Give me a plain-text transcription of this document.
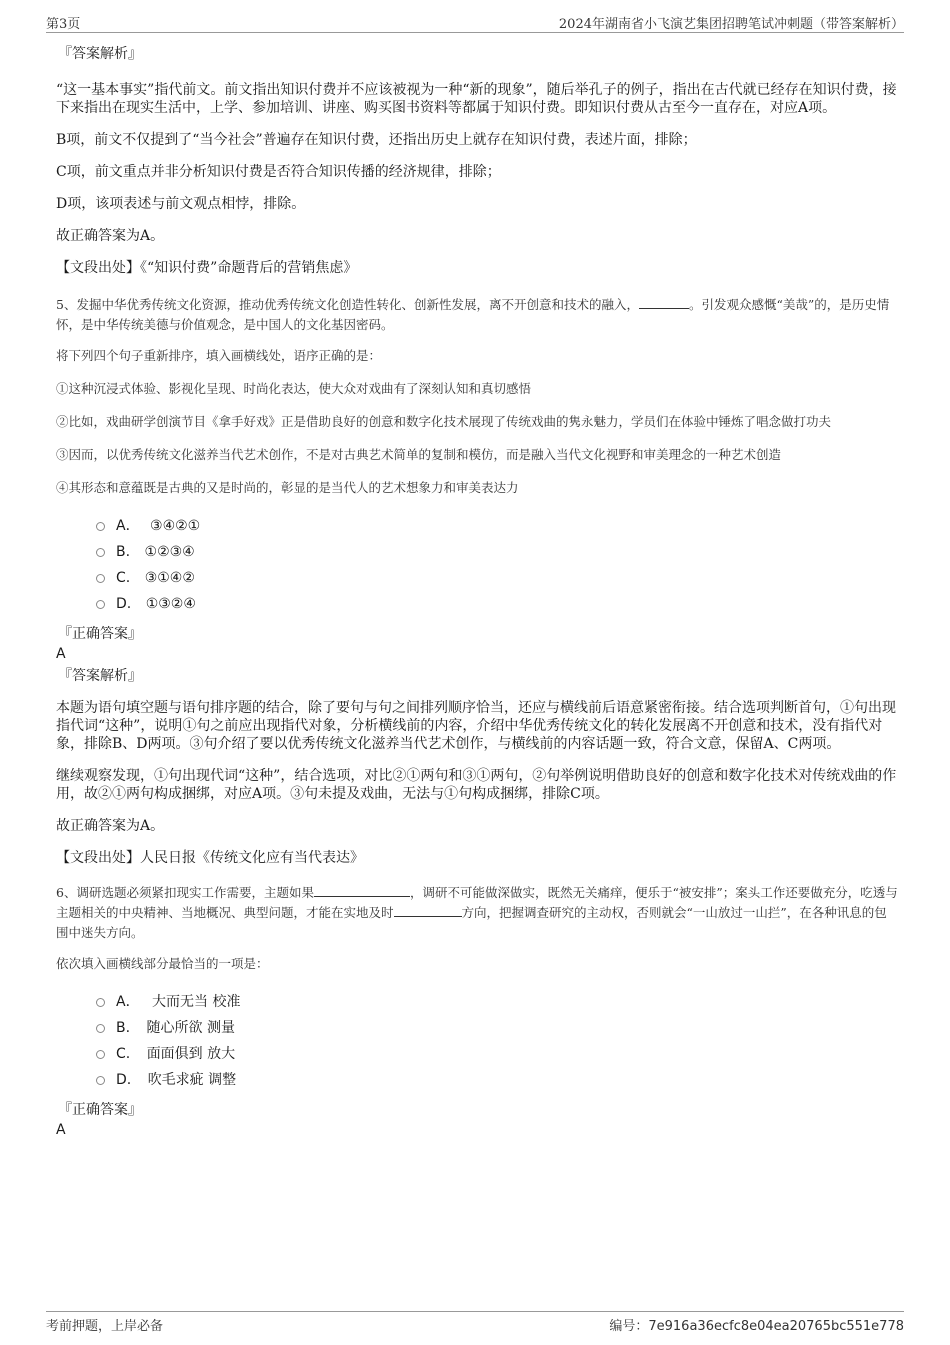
第3页	2024年湖南省小飞演艺集团招聘笔试冲刺题（带答案解析）

『答案解析』

“这一基本事实”指代前文。前文指出知识付费并不应该被视为一种“新的现象”，随后举孔子的例子，指出在古代就已经存在知识付费，接下来指出在现实生活中，上学、参加培训、讲座、购买图书资料等都属于知识付费。即知识付费从古至今一直存在，对应A项。

B项，前文不仅提到了“当今社会”普遍存在知识付费，还指出历史上就存在知识付费，表述片面，排除；

C项，前文重点并非分析知识付费是否符合知识传播的经济规律，排除；

D项，该项表述与前文观点相悖，排除。

故正确答案为A。

【文段出处】《“知识付费”命题背后的营销焦虑》

5、发掘中华优秀传统文化资源，推动优秀传统文化创造性转化、创新性发展，离不开创意和技术的融入，	。引发观众感慨“美哉”的，是历史情怀，是中华传统美德与价值观念，是中国人的文化基因密码。

将下列四个句子重新排序，填入画横线处，语序正确的是：

①这种沉浸式体验、影视化呈现、时尚化表达，使大众对戏曲有了深刻认知和真切感悟

②比如，戏曲研学创演节目《拿手好戏》正是借助良好的创意和数字化技术展现了传统戏曲的隽永魅力，学员们在体验中锤炼了唱念做打功夫

③因而，以优秀传统文化滋养当代艺术创作，不是对古典艺术简单的复制和模仿，而是融入当代文化视野和审美理念的一种艺术创造

④其形态和意蕴既是古典的又是时尚的，彰显的是当代人的艺术想象力和审美表达力

A． ③④②①
B. ①②③④
C. ③①④②
D. ①③②④

『正确答案』

A

『答案解析』

本题为语句填空题与语句排序题的结合，除了要句与句之间排列顺序恰当，还应与横线前后语意紧密衔接。结合选项判断首句，①句出现指代词“这种”，说明①句之前应出现指代对象，分析横线前的内容，介绍中华优秀传统文化的转化发展离不开创意和技术，没有指代对象，排除B、D两项。③句介绍了要以优秀传统文化滋养当代艺术创作，与横线前的内容话题一致，符合文意，保留A、C两项。

继续观察发现，①句出现代词“这种”，结合选项，对比②①两句和③①两句，②句举例说明借助良好的创意和数字化技术对传统戏曲的作用，故②①两句构成捆绑，对应A项。③句未提及戏曲，无法与①句构成捆绑，排除C项。

故正确答案为A。

【文段出处】人民日报《传统文化应有当代表达》

6、调研选题必须紧扣现实工作需要，主题如果	，调研不可能做深做实，既然无关痛痒，便乐于“被安排”；案头工作还要做充分，吃透与主题相关的中央精神、当地概况、典型问题，才能在实地及时	方向，把握调查研究的主动权，否则就会“一山放过一山拦”，在各种讯息的包围中迷失方向。

依次填入画横线部分最恰当的一项是：

A． 大而无当 校准
B. 随心所欲 测量
C. 面面俱到 放大
D. 吹毛求疵 调整

『正确答案』

A

考前押题，上岸必备	编号：7e916a36ecfc8e04ea20765bc551e778
